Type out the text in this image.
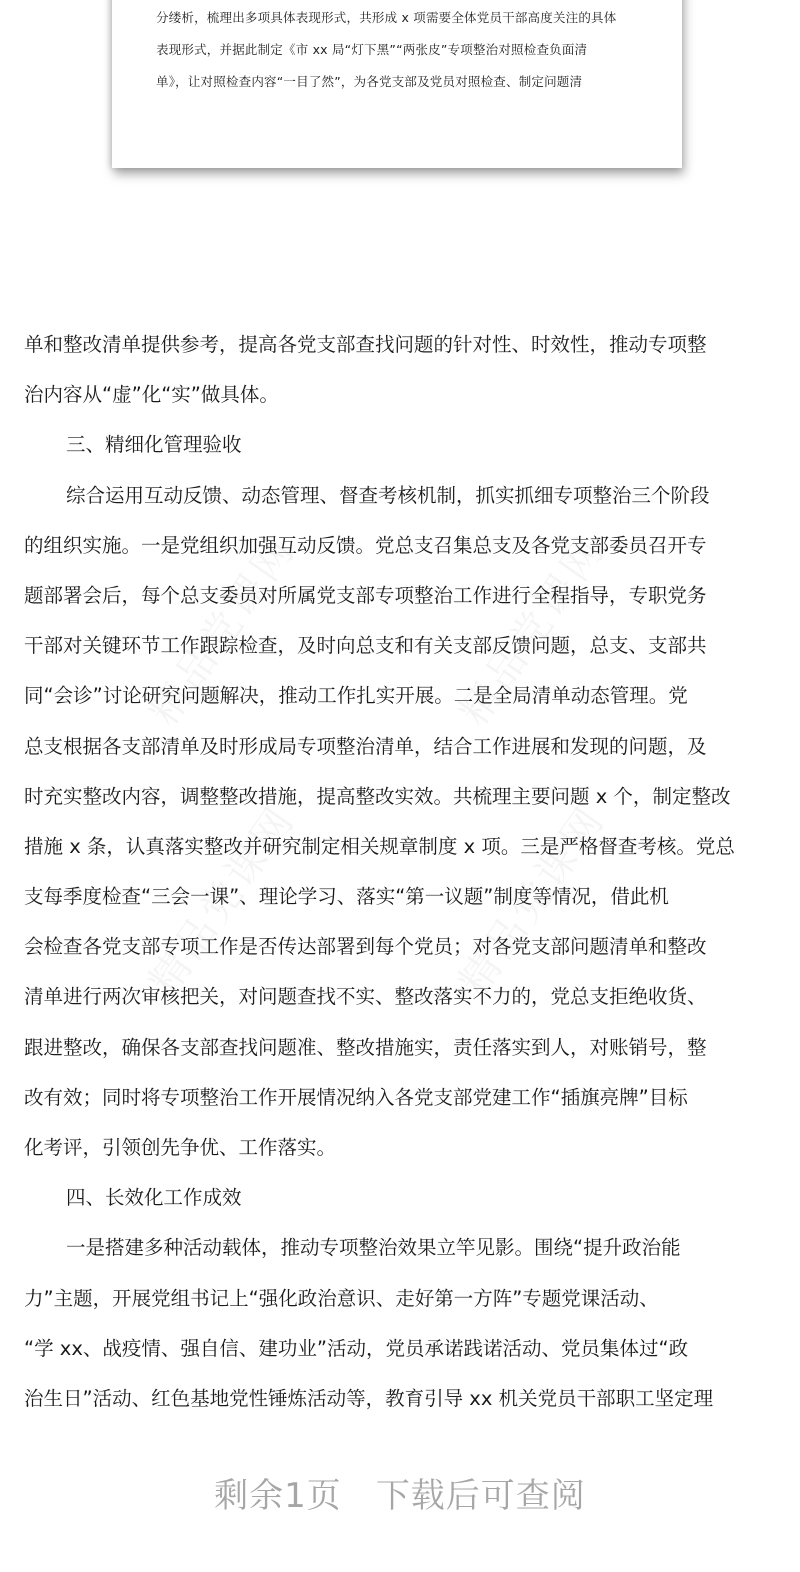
分缕析，梳理出多项具体表现形式，共形成 x 项需要全体党员干部高度关注的具体
表现形式，并据此制定《市 xx 局“灯下黑”“两张皮”专项整治对照检查负面清
单》，让对照检查内容“一目了然”，为各党支部及党员对照检查、制定问题清
单和整改清单提供参考，提高各党支部查找问题的针对性、时效性，推动专项整
治内容从“虚”化“实”做具体。
三、精细化管理验收
综合运用互动反馈、动态管理、督查考核机制，抓实抓细专项整治三个阶段
的组织实施。一是党组织加强互动反馈。党总支召集总支及各党支部委员召开专
题部署会后，每个总支委员对所属党支部专项整治工作进行全程指导，专职党务
干部对关键环节工作跟踪检查，及时向总支和有关支部反馈问题，总支、支部共
同“会诊”讨论研究问题解决，推动工作扎实开展。二是全局清单动态管理。党
总支根据各支部清单及时形成局专项整治清单，结合工作进展和发现的问题，及
时充实整改内容，调整整改措施，提高整改实效。共梳理主要问题 x 个，制定整改
措施 x 条，认真落实整改并研究制定相关规章制度 x 项。三是严格督查考核。党总
支每季度检查“三会一课”、理论学习、落实“第一议题”制度等情况，借此机
会检查各党支部专项工作是否传达部署到每个党员；对各党支部问题清单和整改
清单进行两次审核把关，对问题查找不实、整改落实不力的，党总支拒绝收货、
跟进整改，确保各支部查找问题准、整改措施实，责任落实到人，对账销号，整
改有效；同时将专项整治工作开展情况纳入各党支部党建工作“插旗亮牌”目标
化考评，引领创先争优、工作落实。
四、长效化工作成效
一是搭建多种活动载体，推动专项整治效果立竿见影。围绕“提升政治能
力”主题，开展党组书记上“强化政治意识、走好第一方阵”专题党课活动、
“学 xx、战疫情、强自信、建功业”活动，党员承诺践诺活动、党员集体过“政
治生日”活动、红色基地党性锤炼活动等，教育引导 xx 机关党员干部职工坚定理
剩余1页 下载后可查阅
